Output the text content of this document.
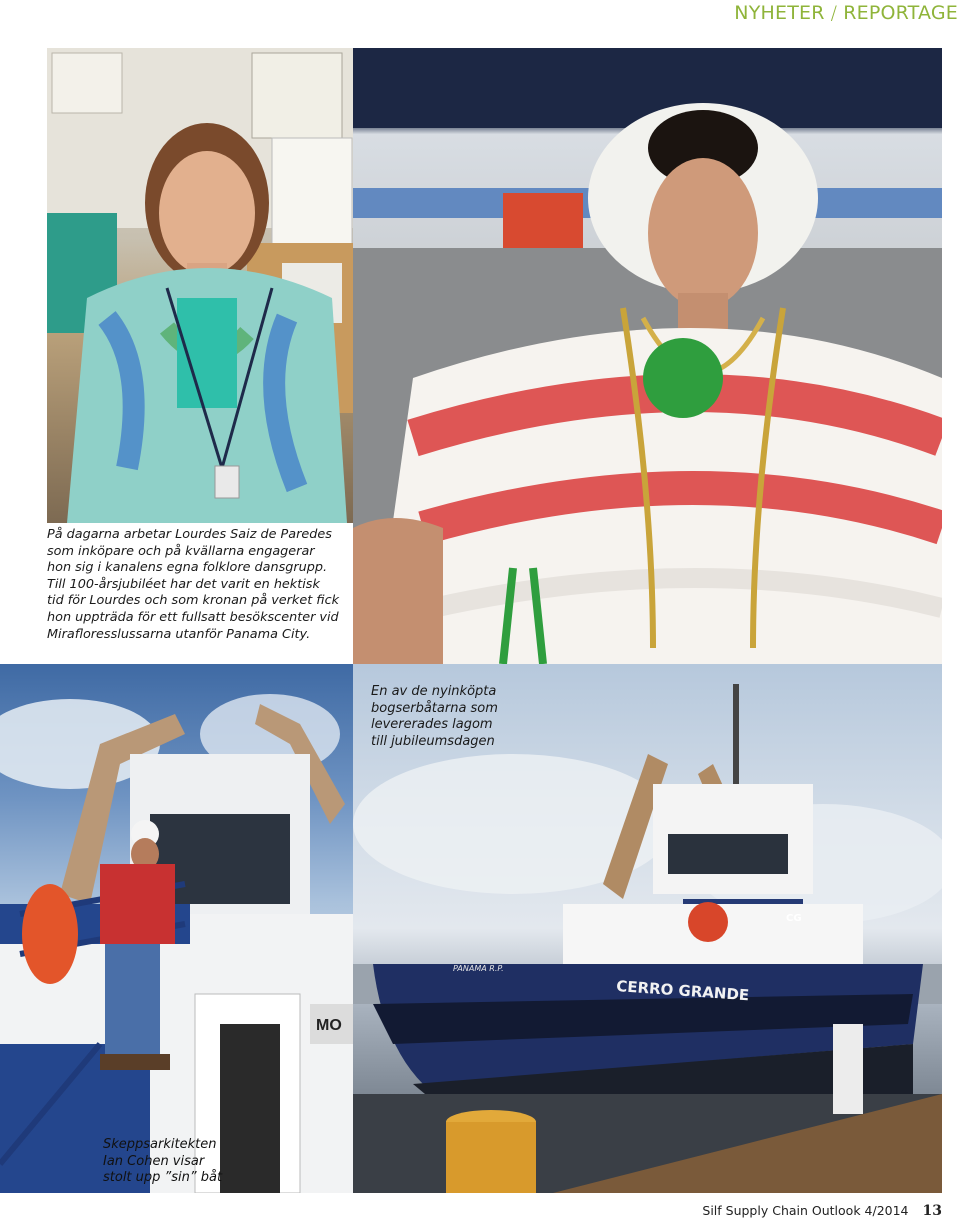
NYHETER / REPORTAGE
MO
CERRO GRANDE
PANAMA R.P.
CG
På dagarna arbetar Lourdes Saiz de Paredes
som inköpare och på kvällarna engagerar
hon sig i kanalens egna folklore dansgrupp.
Till 100-årsjubiléet har det varit en hektisk
tid för Lourdes och som kronan på verket fick
hon uppträda för ett fullsatt besökscenter vid
Mirafloresslussarna utanför Panama City.
En av de nyinköpta
bogserbåtarna som
levererades lagom
till jubileumsdagen
Skeppsarkitekten
Ian Cohen visar
stolt upp ”sin” båt
Silf Supply Chain Outlook 4/2014 13
